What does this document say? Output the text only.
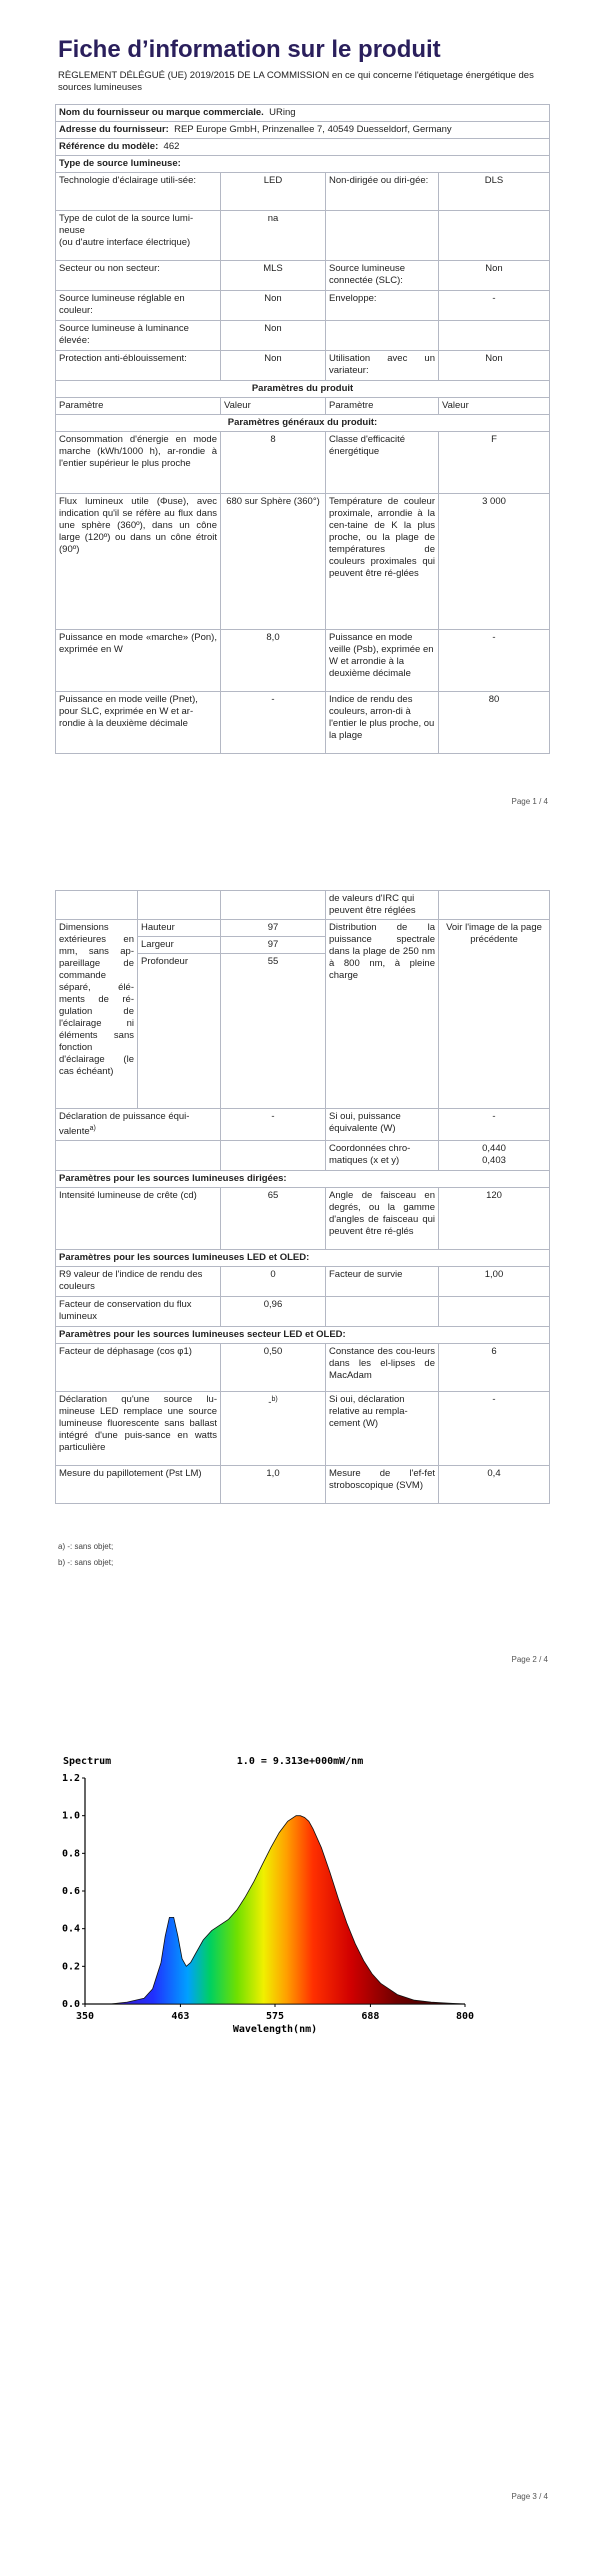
Fiche d’information sur le produit
RÈGLEMENT DÉLÉGUÉ (UE) 2019/2015 DE LA COMMISSION en ce qui concerne l'étiquetage énergétique des sources lumineuses
Nom du fournisseur ou marque commerciale. URing			
Adresse du fournisseur: REP Europe GmbH, Prinzenallee 7, 40549 Duesseldorf, Germany			
Référence du modèle: 462			
Type de source lumineuse:			
Technologie d'éclairage utili-sée:	LED	Non-dirigée ou diri-gée:	DLS

Type de culot de la source lumi-neuse
(ou d'autre interface électrique)	na		
Secteur ou non secteur:	MLS	Source lumineuse connectée (SLC):	Non
Source lumineuse réglable en couleur:	Non	Enveloppe:	-
Source lumineuse à luminance élevée:	Non		
Protection anti-éblouissement:	Non	Utilisation avec un variateur:	Non
Paramètres du produit			
Paramètre	Valeur	Paramètre	Valeur
Paramètres généraux du produit:			
Consommation d'énergie en mode marche (kWh/1000 h), ar-rondie à l'entier supérieur le plus proche	8	Classe d'efficacité énergétique	F
Flux lumineux utile (Φuse), avec indication qu'il se réfère au flux dans une sphère (360º), dans un cône large (120º) ou dans un cône étroit (90º)	680 sur Sphère (360°)	Température de couleur proximale, arrondie à la cen-taine de K la plus proche, ou la plage de températures de couleurs proximales qui peuvent être ré-glées	3 000
Puissance en mode «marche» (Pon), exprimée en W	8,0	Puissance en mode veille (Psb), exprimée en W et arrondie à la deuxième décimale	-
Puissance en mode veille (Pnet), pour SLC, exprimée en W et ar-rondie à la deuxième décimale	-	Indice de rendu des couleurs, arron-di à l'entier le plus proche, ou la plage	80
Page 1 / 4
			de valeurs d'IRC qui peuvent être réglées	
Dimensions extérieures en mm, sans ap-pareillage de commande séparé, élé-ments de ré-gulation de l'éclairage ni éléments sans fonction d'éclairage (le cas échéant)	Hauteur	97	Distribution de la puissance spectrale dans la plage de 250 nm à 800 nm, à pleine charge	Voir l'image de la page précédente
	Largeur	97		
	Profondeur	55		
Déclaration de puissance équi-valente$^{a)}$		-	Si oui, puissance équivalente (W)	-
			Coordonnées chro-matiques (x et y)	0,440
0,403

Paramètres pour les sources lumineuses dirigées:				
Intensité lumineuse de crête (cd)		65	Angle de faisceau en degrés, ou la gamme d'angles de faisceau qui peuvent être ré-glés	120
Paramètres pour les sources lumineuses LED et OLED:				
R9 valeur de l'indice de rendu des couleurs		0	Facteur de survie	1,00
Facteur de conservation du flux lumineux		0,96		
Paramètres pour les sources lumineuses secteur LED et OLED:				
Facteur de déphasage (cos φ1)		0,50	Constance des cou-leurs dans les el-lipses de MacAdam	6
Déclaration qu'une source lu-mineuse LED remplace une source lumineuse fluorescente sans ballast intégré d'une puis-sance en watts particulière		-$^{b)}$	Si oui, déclaration relative au rempla-cement (W)	-
Mesure du papillotement (Pst LM)		1,0	Mesure de l'ef-fet stroboscopique (SVM)	0,4
a) -: sans objet;
b) -: sans objet;
Page 2 / 4
0.0
0.2
0.4
0.6
0.8
1.0
1.2
350	463	575	688	800
Spectrum	1.0 = 9.313e+000mW/nm
Wavelength(nm)
Page 3 / 4
